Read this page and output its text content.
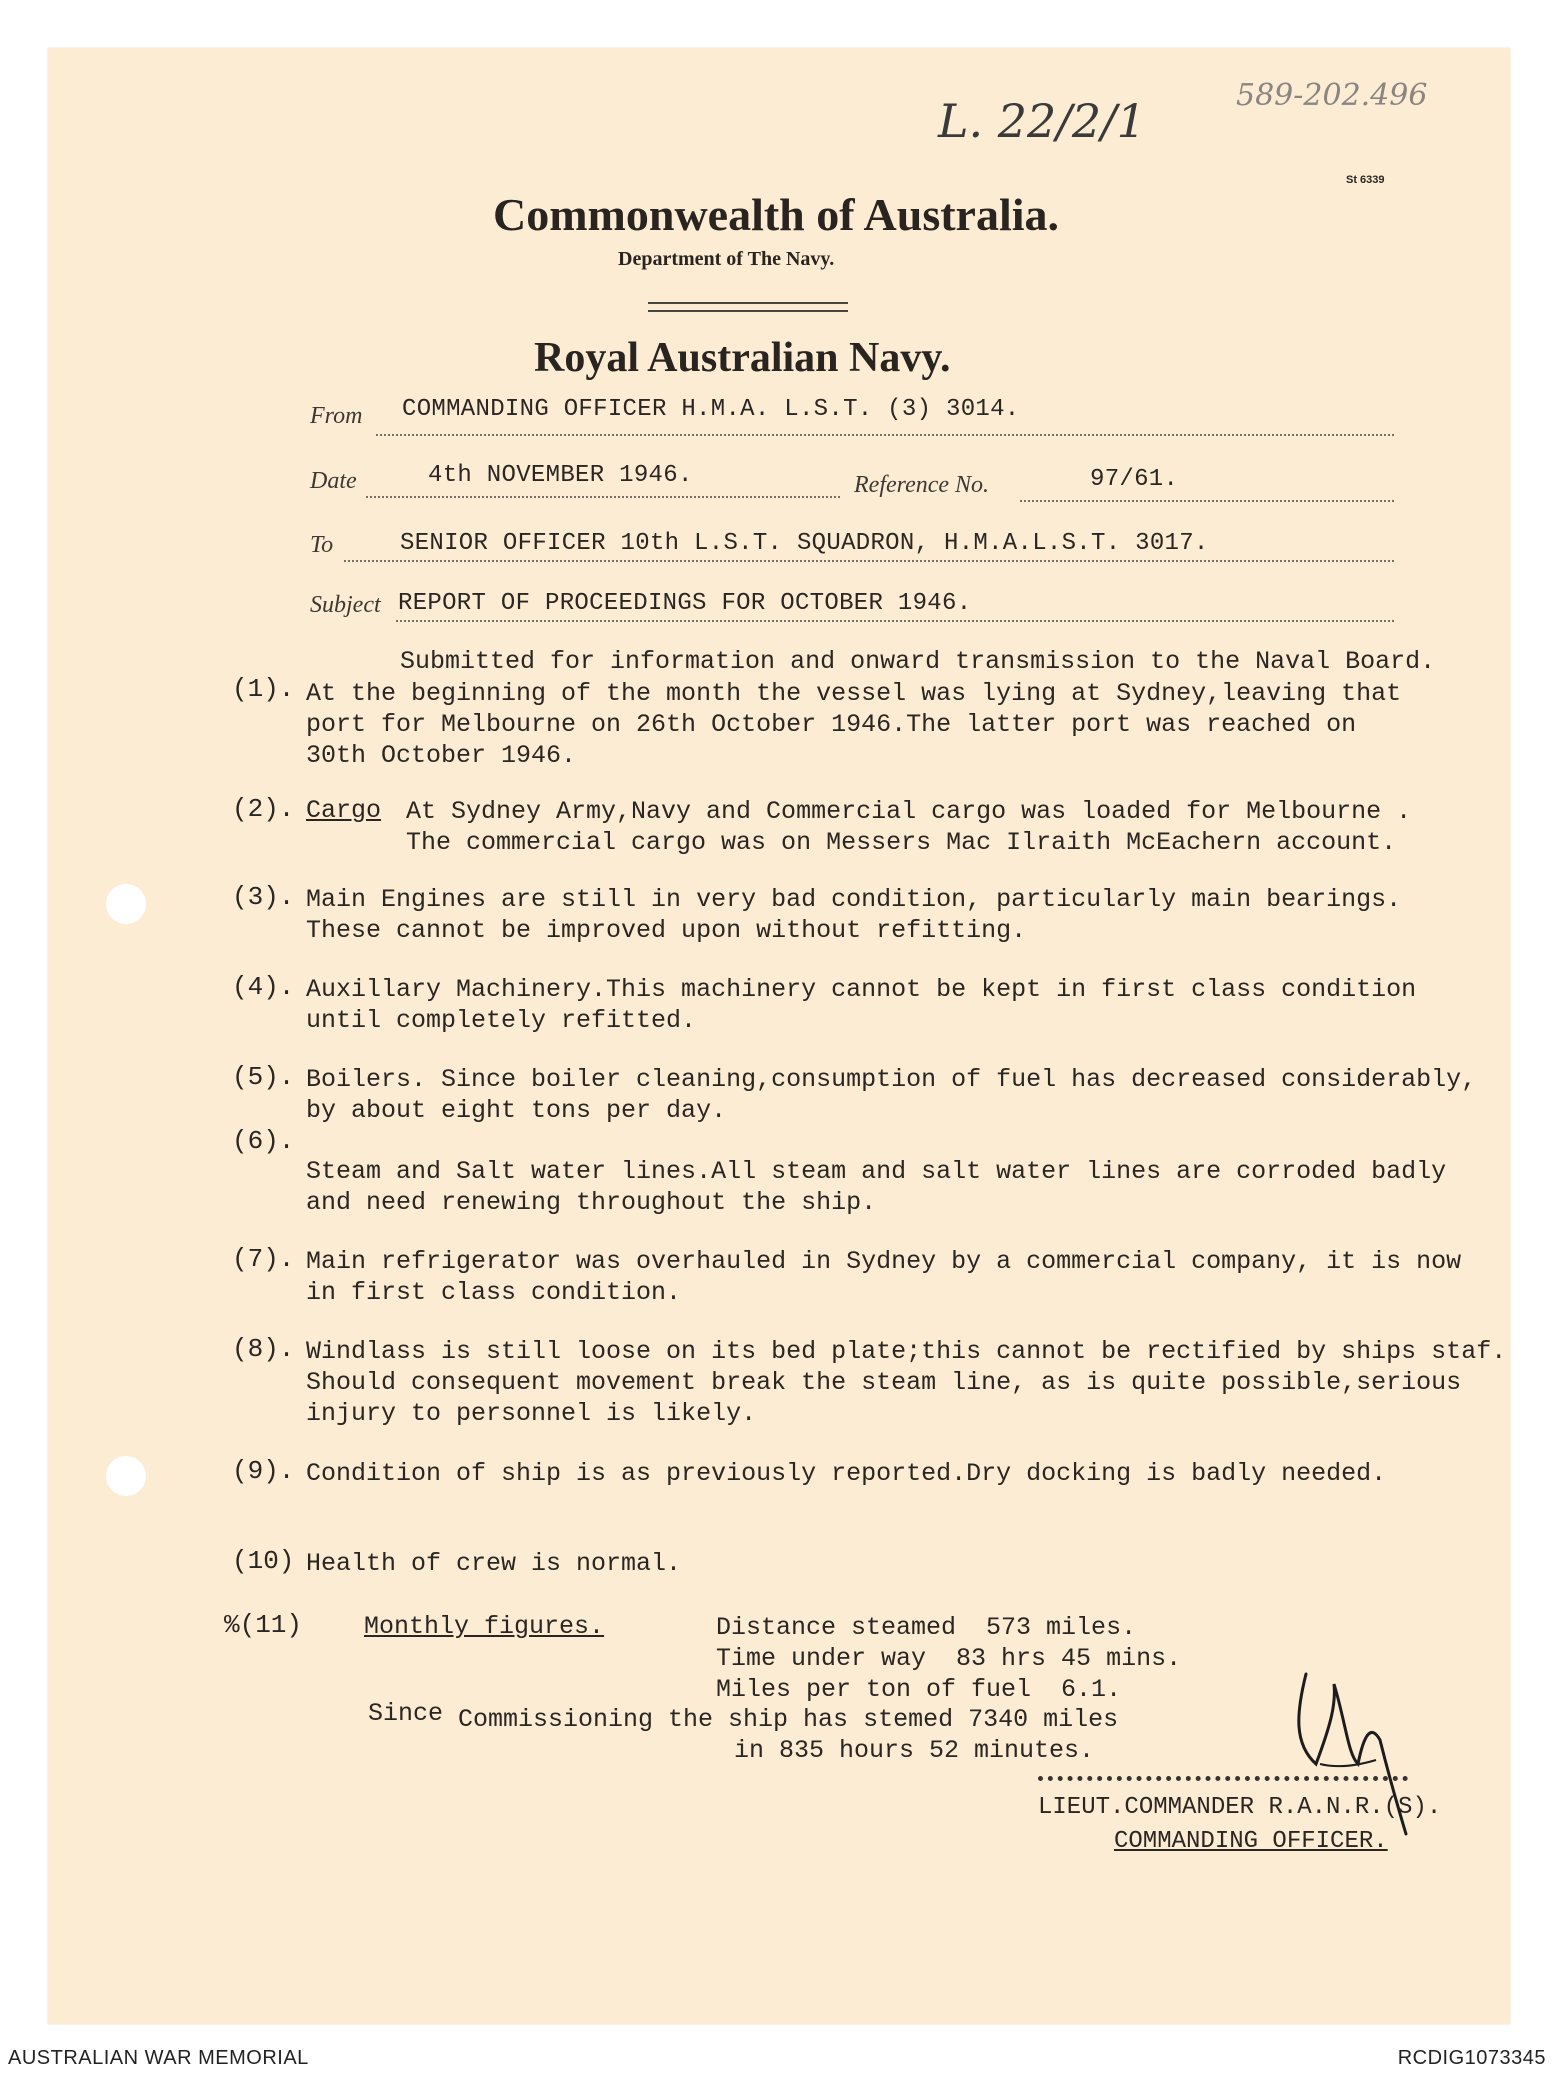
L. 22/2/1	589-202.496
St 6339
Commonwealth of Australia.
Department of The Navy.
Royal Australian Navy.
From COMMANDING OFFICER H.M.A. L.S.T. (3) 3014.
Date	4th NOVEMBER 1946.	Reference No.	97/61.
To	SENIOR OFFICER 10th L.S.T. SQUADRON, H.M.A.L.S.T. 3017.
Subject REPORT OF PROCEEDINGS FOR OCTOBER 1946.
Submitted for information and onward transmission to the Naval Board.
(1). At the beginning of the month the vessel was lying at Sydney,leaving that
port for Melbourne on 26th October 1946.The latter port was reached on
30th October 1946.
(2). Cargo At Sydney Army,Navy and Commercial cargo was loaded for Melbourne .
The commercial cargo was on Messers Mac Ilraith McEachern account.
(3). Main Engines are still in very bad condition, particularly main bearings.
These cannot be improved upon without refitting.
(4). Auxillary Machinery.This machinery cannot be kept in first class condition
until completely refitted.
(5). Boilers. Since boiler cleaning,consumption of fuel has decreased considerably,
by about eight tons per day.
(6).
Steam and Salt water lines.All steam and salt water lines are corroded badly
and need renewing throughout the ship.
(7). Main refrigerator was overhauled in Sydney by a commercial company, it is now
in first class condition.
(8). Windlass is still loose on its bed plate;this cannot be rectified by ships staf.
Should consequent movement break the steam line, as is quite possible,serious
injury to personnel is likely.
(9). Condition of ship is as previously reported.Dry docking is badly needed.
(10) Health of crew is normal.
%(11) Monthly figures.	Distance steamed  573 miles.
Time under way  83 hrs 45 mins.
Miles per ton of fuel  6.1.
Since Commissioning the ship has stemed 7340 miles
in 835 hours 52 minutes.
LIEUT.COMMANDER R.A.N.R.(S).
COMMANDING OFFICER.
AUSTRALIAN WAR MEMORIAL	RCDIG1073345
